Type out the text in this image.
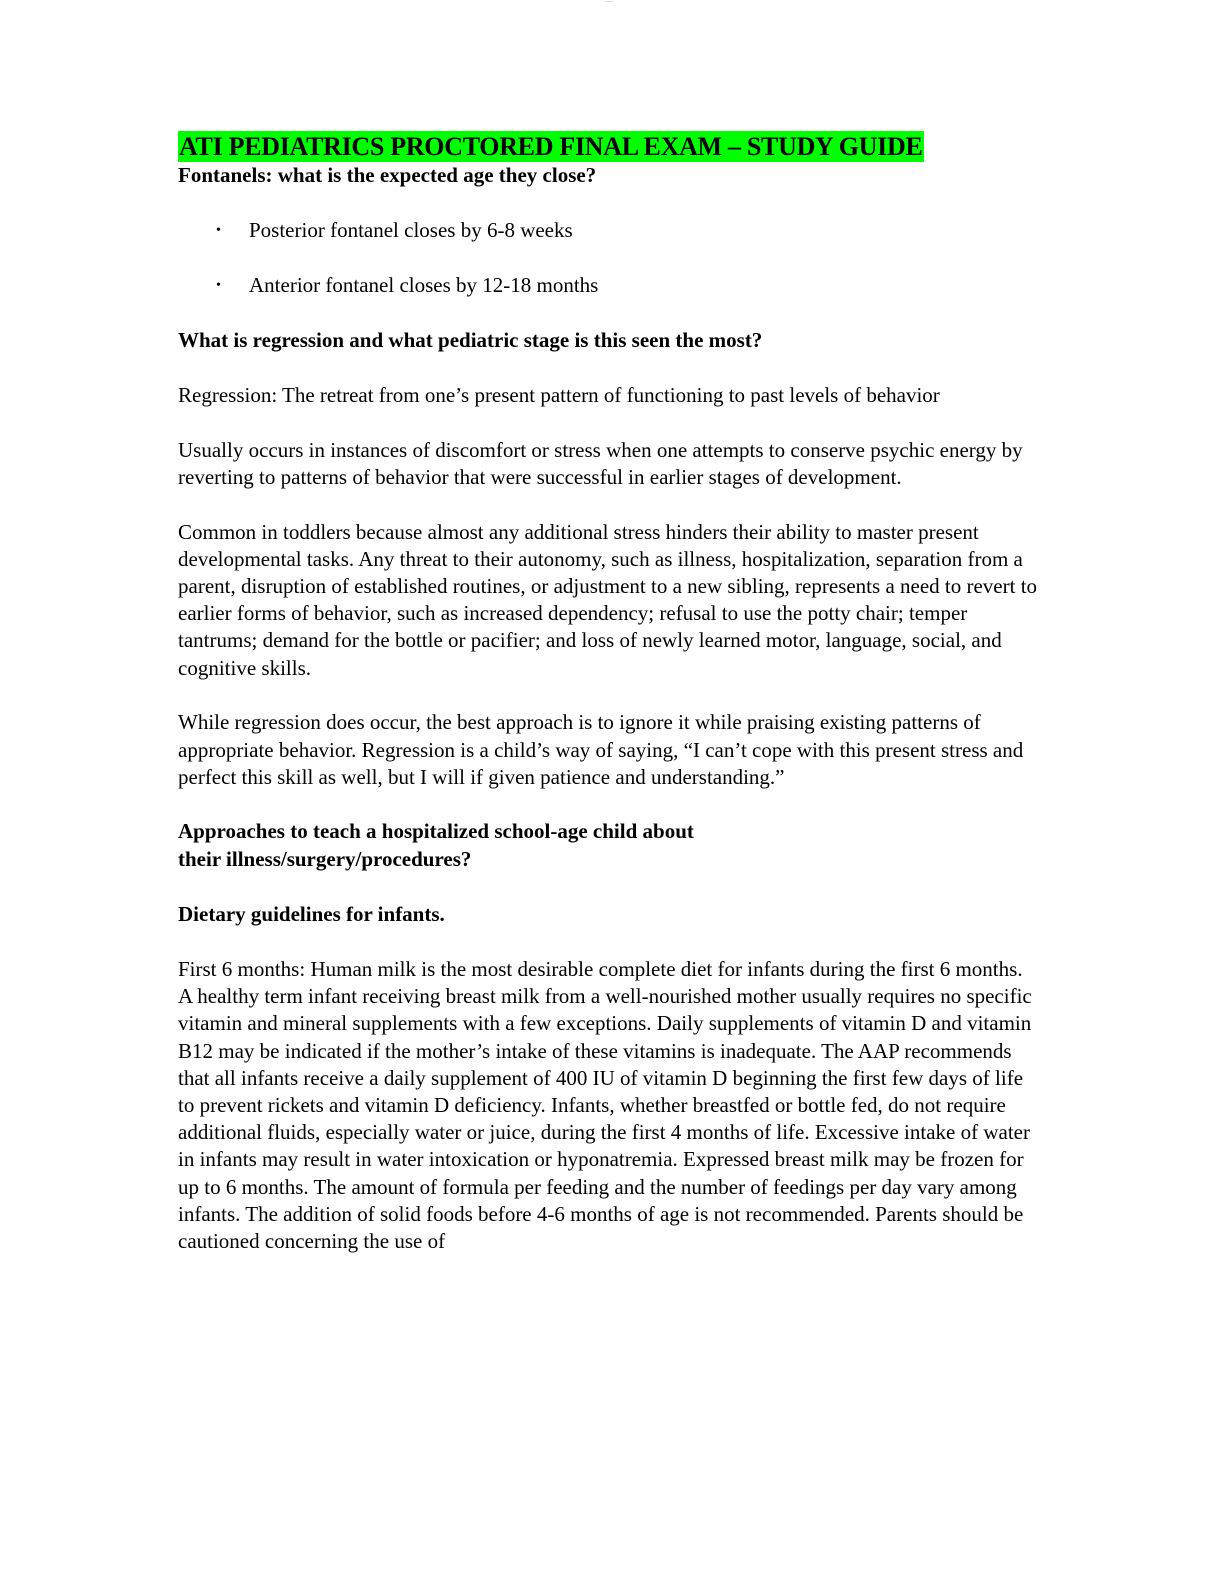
~~~
ATI PEDIATRICS PROCTORED FINAL EXAM – STUDY GUIDE

Fontanels: what is the expected age they close?

• Posterior fontanel closes by 6-8 weeks
• Anterior fontanel closes by 12-18 months

What is regression and what pediatric stage is this seen the most?

Regression: The retreat from one’s present pattern of functioning to past levels of behavior

Usually occurs in instances of discomfort or stress when one attempts to conserve psychic energy by reverting to patterns of behavior that were successful in earlier stages of development.

Common in toddlers because almost any additional stress hinders their ability to master present developmental tasks. Any threat to their autonomy, such as illness, hospitalization, separation from a parent, disruption of established routines, or adjustment to a new sibling, represents a need to revert to earlier forms of behavior, such as increased dependency; refusal to use the potty chair; temper tantrums; demand for the bottle or pacifier; and loss of newly learned motor, language, social, and cognitive skills.

While regression does occur, the best approach is to ignore it while praising existing patterns of appropriate behavior. Regression is a child’s way of saying, “I can’t cope with this present stress and perfect this skill as well, but I will if given patience and understanding.”

Approaches to teach a hospitalized school-age child about
their illness/surgery/procedures?

Dietary guidelines for infants.

First 6 months: Human milk is the most desirable complete diet for infants during the first 6 months. A healthy term infant receiving breast milk from a well-nourished mother usually requires no specific vitamin and mineral supplements with a few exceptions. Daily supplements of vitamin D and vitamin B12 may be indicated if the mother’s intake of these vitamins is inadequate. The AAP recommends that all infants receive a daily supplement of 400 IU of vitamin D beginning the first few days of life to prevent rickets and vitamin D deficiency. Infants, whether breastfed or bottle fed, do not require additional fluids, especially water or juice, during the first 4 months of life. Excessive intake of water in infants may result in water intoxication or hyponatremia. Expressed breast milk may be frozen for up to 6 months. The amount of formula per feeding and the number of feedings per day vary among infants. The addition of solid foods before 4-6 months of age is not recommended. Parents should be cautioned concerning the use of
